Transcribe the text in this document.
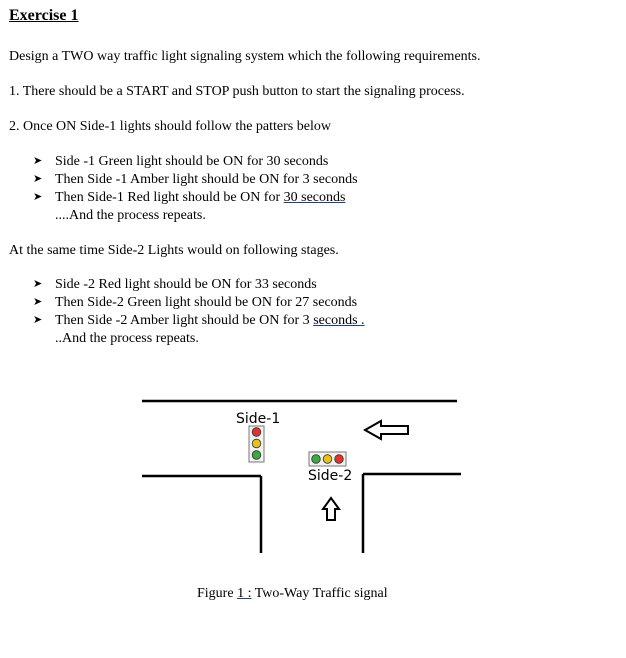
Exercise 1
Design a TWO way traffic light signaling system which the following requirements.
1. There should be a START and STOP push button to start the signaling process.
2. Once ON Side-1 lights should follow the patters below
➤ Side -1 Green light should be ON for 30 seconds
➤ Then Side -1 Amber light should be ON for 3 seconds
➤ Then Side-1 Red light should be ON for 30 seconds
....And the process repeats.
At the same time Side-2 Lights would on following stages.
➤ Side -2 Red light should be ON for 33 seconds
➤ Then Side-2 Green light should be ON for 27 seconds
➤ Then Side -2 Amber light should be ON for 3 seconds .
..And the process repeats.
Side-1
Side-2
Figure 1 : Two-Way Traffic signal
